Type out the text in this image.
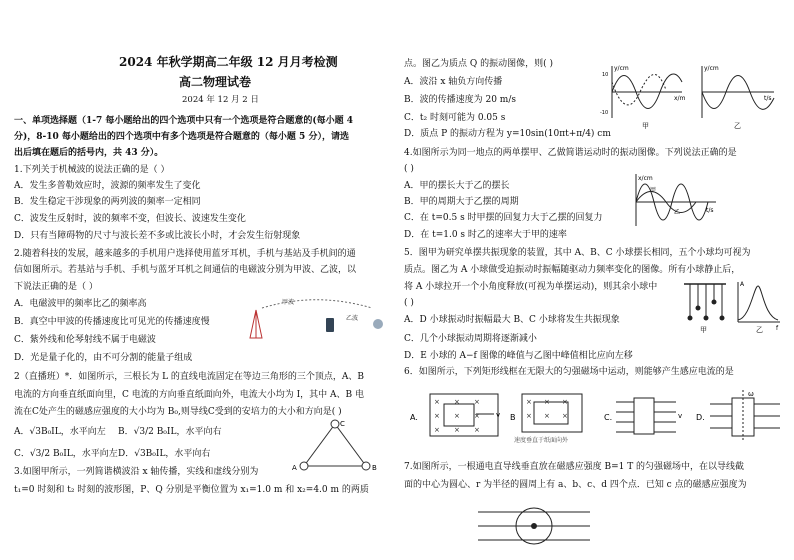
2024 年秋学期高二年级 12 月月考检测
高二物理试卷
2024 年 12 月 2 日
一、单项选择题（1-7 每小题给出的四个选项中只有一个选项是符合题意的(每小题 4
分)，8-10 每小题给出的四个选项中有多个选项是符合题意的（每小题 5 分），请选
出后填在题后的括号内，共 43 分）。
1.下列关于机械波的说法正确的是（ ）
A．发生多普勒效应时，波源的频率发生了变化
B．发生稳定干涉现象的两列波的频率一定相同
C．波发生反射时，波的频率不变，但波长、波速发生变化
D．只有当障碍物的尺寸与波长差不多或比波长小时，才会发生衍射现象
2.随着科技的发展，越来越多的手机用户选择使用蓝牙耳机，手机与基站及手机间的通
信如图所示。若基站与手机、手机与蓝牙耳机之间通信的电磁波分别为甲波、乙波，以
下说法正确的是（ ）
A．电磁波甲的频率比乙的频率高
B．真空中甲波的传播速度比可见光的传播速度慢
C．紫外线和伦琴射线不属于电磁波
D．光是量子化的，由不可分割的能量子组成
甲波
乙波
2（直播班）*．如图所示，三根长为 L 的直线电流固定在等边三角形的三个顶点，A、B
电流的方向垂直纸面向里，C 电流的方向垂直纸面向外，电流大小均为 I，其中 A、B 电
流在C处产生的磁感应强度的大小均为 B₀,则导线C受到的安培力的大小和方向是( )
A．√3B₀IL，水平向左 B．√3/2 B₀IL，水平向右
C．√3/2 B₀IL，水平向左 D．√3B₀IL，水平向右
A	B
C
3.如图甲所示，一列简谐横波沿 x 轴传播，实线和虚线分别为
t₁=0 时刻和 t₂ 时刻的波形图，P、Q 分别是平衡位置为 x₁=1.0 m 和 x₂=4.0 m 的两质
点。图乙为质点 Q 的振动图像，则( )
A．波沿 x 轴负方向传播
B．波的传播速度为 20 m/s
C．t₂ 时刻可能为 0.05 s
D．质点 P 的振动方程为 y=10sin(10πt+π/4) cm
y/cm
x/m
10
-10
甲
y/cm
t/s
乙
4.如图所示为同一地点的两单摆甲、乙做简谐运动时的振动图像。下列说法正确的是
( )
A．甲的摆长大于乙的摆长
B．甲的周期大于乙摆的周期
C．在 t=0.5 s 时甲摆的回复力大于乙摆的回复力
D．在 t=1.0 s 时乙的速率大于甲的速率
x/cm
t/s
甲
乙
5．图甲为研究单摆共振现象的装置，其中 A、B、C 小球摆长相同，五个小球均可视为
质点。图乙为 A 小球做受迫振动时振幅随驱动力频率变化的图像。所有小球静止后，
将 A 小球拉开一个小角度释放(可视为单摆运动)，则其余小球中
( )
A．D 小球振动时振幅最大 B、C 小球将发生共振现象
C．几个小球振动周期将逐渐减小
D．E 小球的 A−f 图像的峰值与乙图中峰值相比应向左移
甲
A
f
乙
6．如图所示，下列矩形线框在无限大的匀强磁场中运动，则能够产生感应电流的是
A.
× × ×
× × ×
× × ×
v B
× × ×
× × ×
速度垂直于纸面向外
C.	v D.
ω
7.如图所示，一根通电直导线垂直放在磁感应强度 B=1 T 的匀强磁场中，在以导线截
面的中心为圆心、r 为半径的圆周上有 a、b、c、d 四个点．已知 c 点的磁感应强度为
